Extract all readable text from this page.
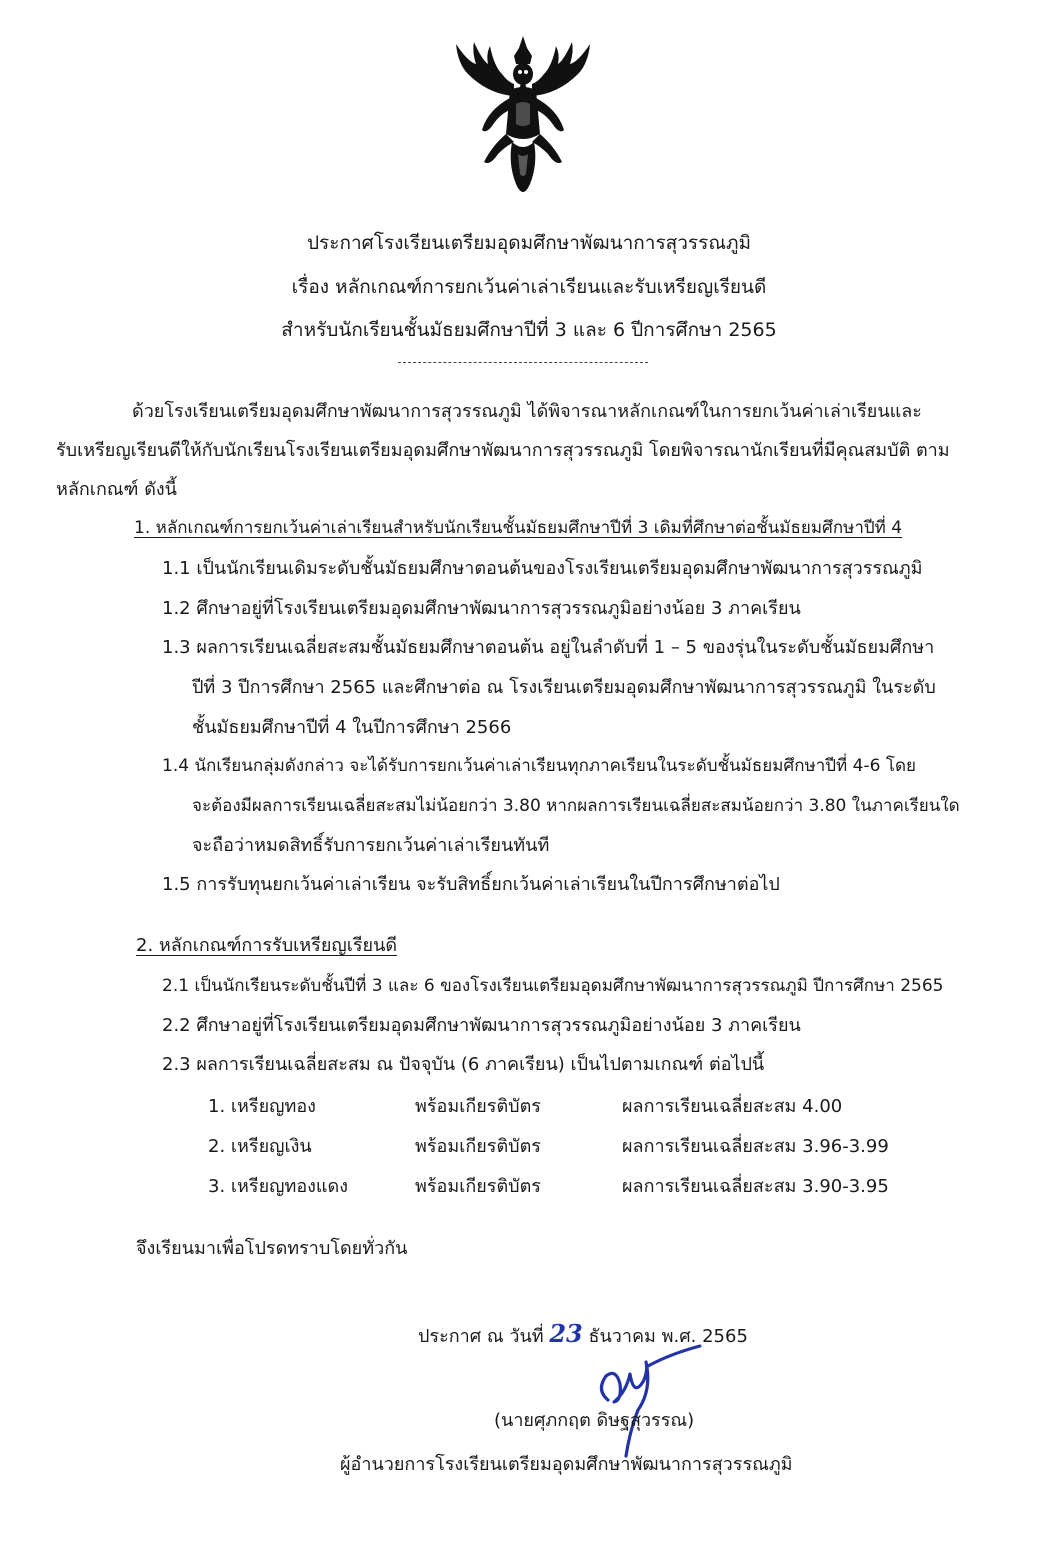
ประกาศโรงเรียนเตรียมอุดมศึกษาพัฒนาการสุวรรณภูมิ
เรื่อง หลักเกณฑ์การยกเว้นค่าเล่าเรียนและรับเหรียญเรียนดี
สำหรับนักเรียนชั้นมัธยมศึกษาปีที่ 3 และ 6 ปีการศึกษา 2565
ด้วยโรงเรียนเตรียมอุดมศึกษาพัฒนาการสุวรรณภูมิ ได้พิจารณาหลักเกณฑ์ในการยกเว้นค่าเล่าเรียนและ
รับเหรียญเรียนดีให้กับนักเรียนโรงเรียนเตรียมอุดมศึกษาพัฒนาการสุวรรณภูมิ โดยพิจารณานักเรียนที่มีคุณสมบัติ ตาม
หลักเกณฑ์ ดังนี้
1. หลักเกณฑ์การยกเว้นค่าเล่าเรียนสำหรับนักเรียนชั้นมัธยมศึกษาปีที่ 3 เดิมที่ศึกษาต่อชั้นมัธยมศึกษาปีที่ 4
1.1 เป็นนักเรียนเดิมระดับชั้นมัธยมศึกษาตอนต้นของโรงเรียนเตรียมอุดมศึกษาพัฒนาการสุวรรณภูมิ
1.2 ศึกษาอยู่ที่โรงเรียนเตรียมอุดมศึกษาพัฒนาการสุวรรณภูมิอย่างน้อย 3 ภาคเรียน
1.3 ผลการเรียนเฉลี่ยสะสมชั้นมัธยมศึกษาตอนต้น อยู่ในลำดับที่ 1 – 5 ของรุ่นในระดับชั้นมัธยมศึกษา
ปีที่ 3 ปีการศึกษา 2565 และศึกษาต่อ ณ โรงเรียนเตรียมอุดมศึกษาพัฒนาการสุวรรณภูมิ ในระดับ
ชั้นมัธยมศึกษาปีที่ 4 ในปีการศึกษา 2566
1.4 นักเรียนกลุ่มดังกล่าว จะได้รับการยกเว้นค่าเล่าเรียนทุกภาคเรียนในระดับชั้นมัธยมศึกษาปีที่ 4-6 โดย
จะต้องมีผลการเรียนเฉลี่ยสะสมไม่น้อยกว่า 3.80 หากผลการเรียนเฉลี่ยสะสมน้อยกว่า 3.80 ในภาคเรียนใด
จะถือว่าหมดสิทธิ์รับการยกเว้นค่าเล่าเรียนทันที
1.5 การรับทุนยกเว้นค่าเล่าเรียน จะรับสิทธิ์ยกเว้นค่าเล่าเรียนในปีการศึกษาต่อไป
2. หลักเกณฑ์การรับเหรียญเรียนดี
2.1 เป็นนักเรียนระดับชั้นปีที่ 3 และ 6 ของโรงเรียนเตรียมอุดมศึกษาพัฒนาการสุวรรณภูมิ ปีการศึกษา 2565
2.2 ศึกษาอยู่ที่โรงเรียนเตรียมอุดมศึกษาพัฒนาการสุวรรณภูมิอย่างน้อย 3 ภาคเรียน
2.3 ผลการเรียนเฉลี่ยสะสม ณ ปัจจุบัน (6 ภาคเรียน) เป็นไปตามเกณฑ์ ต่อไปนี้
1. เหรียญทอง	พร้อมเกียรติบัตร	ผลการเรียนเฉลี่ยสะสม 4.00
2. เหรียญเงิน	พร้อมเกียรติบัตร	ผลการเรียนเฉลี่ยสะสม 3.96-3.99
3. เหรียญทองแดง	พร้อมเกียรติบัตร	ผลการเรียนเฉลี่ยสะสม 3.90-3.95
จึงเรียนมาเพื่อโปรดทราบโดยทั่วกัน
ประกาศ ณ วันที่ 23 ธันวาคม พ.ศ. 2565
(นายศุภกฤต ดิษฐสุวรรณ)
ผู้อำนวยการโรงเรียนเตรียมอุดมศึกษาพัฒนาการสุวรรณภูมิ
